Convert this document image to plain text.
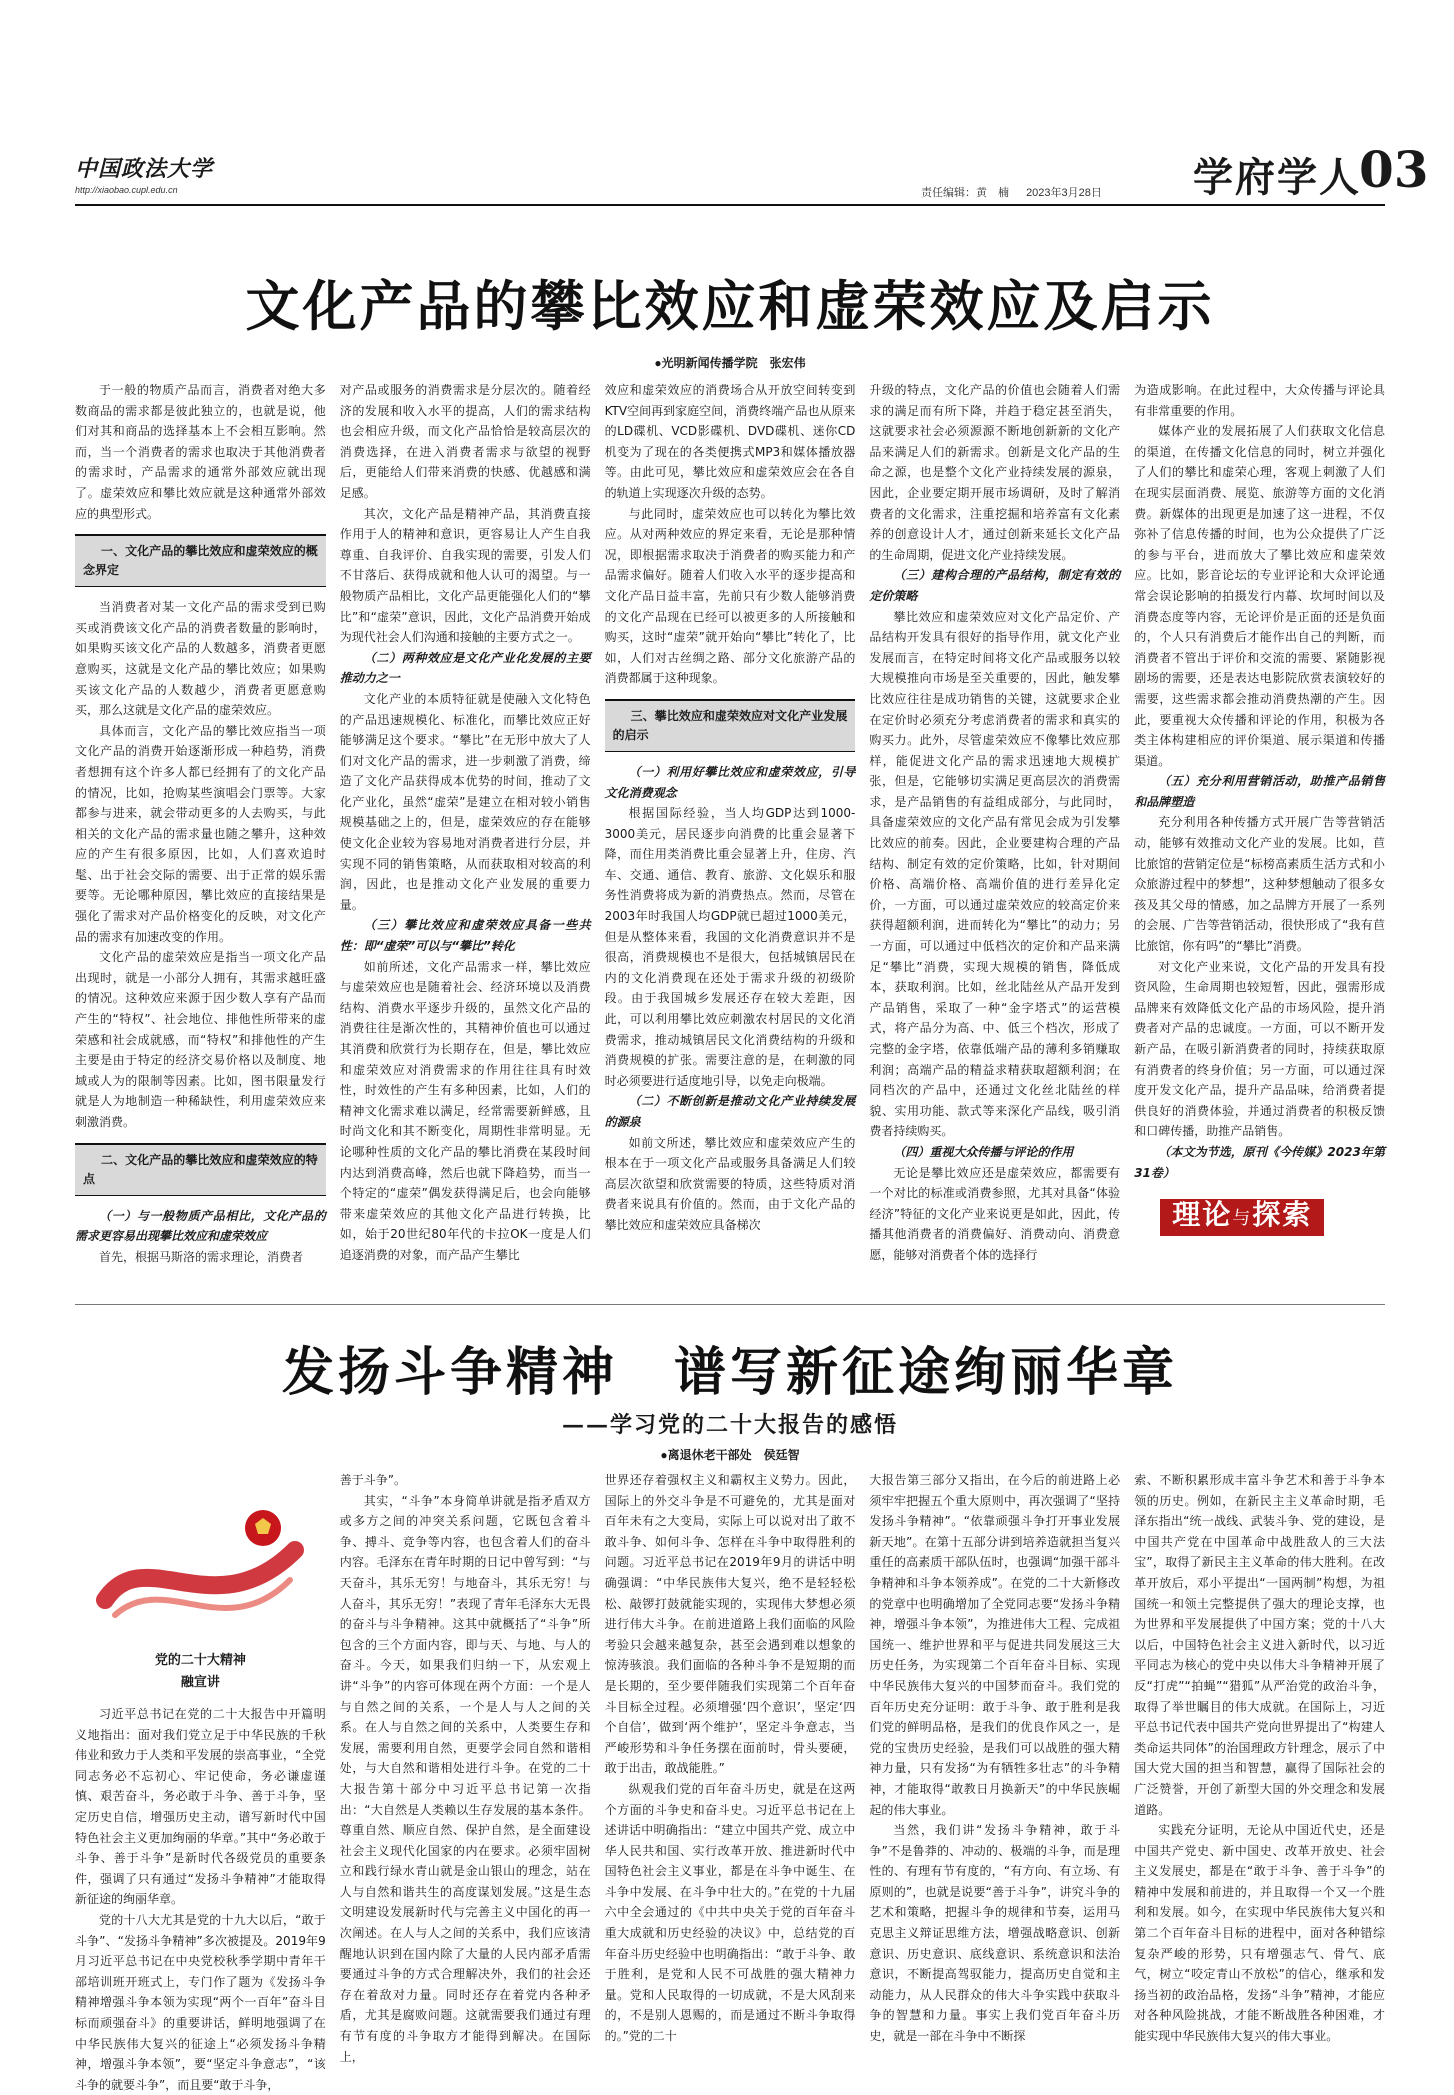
中国政法大学
http://xiaobao.cupl.edu.cn	责任编辑：黄　楠 2023年3月28日	学府学人
03
文化产品的攀比效应和虚荣效应及启示
●光明新闻传播学院　张宏伟

于一般的物质产品而言，消费者对绝大多数商品的需求都是彼此独立的，也就是说，他们对其和商品的选择基本上不会相互影响。然而，当一个消费者的需求也取决于其他消费者的需求时，产品需求的通常外部效应就出现了。虚荣效应和攀比效应就是这种通常外部效应的典型形式。

一、文化产品的攀比效应和虚荣效应的概念界定

当消费者对某一文化产品的需求受到已购买或消费该文化产品的消费者数量的影响时，如果购买该文化产品的人数越多，消费者更愿意购买，这就是文化产品的攀比效应；如果购买该文化产品的人数越少，消费者更愿意购买，那么这就是文化产品的虚荣效应。

具体而言，文化产品的攀比效应指当一项文化产品的消费开始逐渐形成一种趋势，消费者想拥有这个许多人都已经拥有了的文化产品的情况，比如，抢购某些演唱会门票等。大家都参与进来，就会带动更多的人去购买，与此相关的文化产品的需求量也随之攀升，这种效应的产生有很多原因，比如，人们喜欢追时髦、出于社会交际的需要、出于正常的娱乐需要等。无论哪种原因，攀比效应的直接结果是强化了需求对产品价格变化的反映，对文化产品的需求有加速改变的作用。

文化产品的虚荣效应是指当一项文化产品出现时，就是一小部分人拥有，其需求越旺盛的情况。这种效应来源于因少数人享有产品而产生的“特权”、社会地位、排他性所带来的虚荣感和社会成就感，而“特权”和排他性的产生主要是由于特定的经济交易价格以及制度、地域或人为的限制等因素。比如，图书限量发行就是人为地制造一种稀缺性，利用虚荣效应来刺激消费。

二、文化产品的攀比效应和虚荣效应的特点

（一）与一般物质产品相比，文化产品的需求更容易出现攀比效应和虚荣效应

首先，根据马斯洛的需求理论，消费者

对产品或服务的消费需求是分层次的。随着经济的发展和收入水平的提高，人们的需求结构也会相应升级，而文化产品恰恰是较高层次的消费选择，在进入消费者需求与欲望的视野后，更能给人们带来消费的快感、优越感和满足感。

其次，文化产品是精神产品，其消费直接作用于人的精神和意识，更容易让人产生自我尊重、自我评价、自我实现的需要，引发人们不甘落后、获得成就和他人认可的渴望。与一般物质产品相比，文化产品更能强化人们的“攀比”和“虚荣”意识，因此，文化产品消费开始成为现代社会人们沟通和接触的主要方式之一。

（二）两种效应是文化产业化发展的主要推动力之一

文化产业的本质特征就是使融入文化特色的产品迅速规模化、标准化，而攀比效应正好能够满足这个要求。“攀比”在无形中放大了人们对文化产品的需求，进一步刺激了消费，缔造了文化产品获得成本优势的时间，推动了文化产业化，虽然“虚荣”是建立在相对较小销售规模基础之上的，但是，虚荣效应的存在能够使文化企业较为容易地对消费者进行分层，并实现不同的销售策略，从而获取相对较高的利润，因此，也是推动文化产业发展的重要力量。

（三）攀比效应和虚荣效应具备一些共性：即“虚荣”可以与“攀比”转化

如前所述，文化产品需求一样，攀比效应与虚荣效应也是随着社会、经济环境以及消费结构、消费水平逐步升级的，虽然文化产品的消费往往是渐次性的，其精神价值也可以通过其消费和欣赏行为长期存在，但是，攀比效应和虚荣效应对消费需求的作用往往具有时效性，时效性的产生有多种因素，比如，人们的精神文化需求难以满足，经常需要新鲜感，且时尚文化和其不断变化，周期性非常明显。无论哪种性质的文化产品的攀比消费在某段时间内达到消费高峰，然后也就下降趋势，而当一个特定的“虚荣”偶发获得满足后，也会向能够带来虚荣效应的其他文化产品进行转换，比如，始于20世纪80年代的卡拉OK一度是人们追逐消费的对象，而产品产生攀比

效应和虚荣效应的消费场合从开放空间转变到KTV空间再到家庭空间，消费终端产品也从原来的LD碟机、VCD影碟机、DVD碟机、迷你CD机变为了现在的各类便携式MP3和媒体播放器等。由此可见，攀比效应和虚荣效应会在各自的轨道上实现逐次升级的态势。

与此同时，虚荣效应也可以转化为攀比效应。从对两种效应的界定来看，无论是那种情况，即根据需求取决于消费者的购买能力和产品需求偏好。随着人们收入水平的逐步提高和文化产品日益丰富，先前只有少数人能够消费的文化产品现在已经可以被更多的人所接触和购买，这时“虚荣”就开始向“攀比”转化了，比如，人们对古丝绸之路、部分文化旅游产品的消费都属于这种现象。

三、攀比效应和虚荣效应对文化产业发展的启示

（一）利用好攀比效应和虚荣效应，引导文化消费观念

根据国际经验，当人均GDP达到1000-3000美元，居民逐步向消费的比重会显著下降，而住用类消费比重会显著上升，住房、汽车、交通、通信、教育、旅游、文化娱乐和服务性消费将成为新的消费热点。然而，尽管在2003年时我国人均GDP就已超过1000美元，但是从整体来看，我国的文化消费意识并不是很高，消费规模也不是很大，包括城镇居民在内的文化消费现在还处于需求升级的初级阶段。由于我国城乡发展还存在较大差距，因此，可以利用攀比效应刺激农村居民的文化消费需求，推动城镇居民文化消费结构的升级和消费规模的扩张。需要注意的是，在刺激的同时必须要进行适度地引导，以免走向极端。

（二）不断创新是推动文化产业持续发展的源泉

如前文所述，攀比效应和虚荣效应产生的根本在于一项文化产品或服务具备满足人们较高层次欲望和欣赏需要的特质，这些特质对消费者来说具有价值的。然而，由于文化产品的攀比效应和虚荣效应具备梯次

升级的特点，文化产品的价值也会随着人们需求的满足而有所下降，并趋于稳定甚至消失，这就要求社会必须源源不断地创新新的文化产品来满足人们的新需求。创新是文化产品的生命之源，也是整个文化产业持续发展的源泉，因此，企业要定期开展市场调研，及时了解消费者的文化需求，注重挖掘和培养富有文化素养的创意设计人才，通过创新来延长文化产品的生命周期，促进文化产业持续发展。

（三）建构合理的产品结构，制定有效的定价策略

攀比效应和虚荣效应对文化产品定价、产品结构开发具有很好的指导作用，就文化产业发展而言，在特定时间将文化产品或服务以较大规模推向市场是至关重要的，因此，触发攀比效应往往是成功销售的关键，这就要求企业在定价时必须充分考虑消费者的需求和真实的购买力。此外，尽管虚荣效应不像攀比效应那样，能促进文化产品的需求迅速地大规模扩张，但是，它能够切实满足更高层次的消费需求，是产品销售的有益组成部分，与此同时，具备虚荣效应的文化产品有常见会成为引发攀比效应的前奏。因此，企业要建构合理的产品结构、制定有效的定价策略，比如，针对期间价格、高端价格、高端价值的进行差异化定价，一方面，可以通过虚荣效应的较高定价来获得超额利润，进而转化为“攀比”的动力；另一方面，可以通过中低档次的定价和产品来满足“攀比”消费，实现大规模的销售，降低成本，获取利润。比如，丝北陆丝从产品开发到产品销售，采取了一种“金字塔式”的运营模式，将产品分为高、中、低三个档次，形成了完整的金字塔，依靠低端产品的薄利多销赚取利润；高端产品的精益求精获取超额利润；在同档次的产品中，还通过文化丝北陆丝的样貌、实用功能、款式等来深化产品线，吸引消费者持续购买。

（四）重视大众传播与评论的作用

无论是攀比效应还是虚荣效应，都需要有一个对比的标准或消费参照，尤其对具备“体验经济”特征的文化产业来说更是如此，因此，传播其他消费者的消费偏好、消费动向、消费意愿，能够对消费者个体的选择行

为造成影响。在此过程中，大众传播与评论具有非常重要的作用。

媒体产业的发展拓展了人们获取文化信息的渠道，在传播文化信息的同时，树立并强化了人们的攀比和虚荣心理，客观上刺激了人们在现实层面消费、展览、旅游等方面的文化消费。新媒体的出现更是加速了这一进程，不仅弥补了信息传播的时间，也为公众提供了广泛的参与平台，进而放大了攀比效应和虚荣效应。比如，影音论坛的专业评论和大众评论通常会误论影响的拍摄发行内幕、坎坷时间以及消费态度等内容，无论评价是正面的还是负面的，个人只有消费后才能作出自己的判断，而消费者不管出于评价和交流的需要、紧随影视剧场的需要，还是表达电影院欣赏表演较好的需要，这些需求都会推动消费热潮的产生。因此，要重视大众传播和评论的作用，积极为各类主体构建相应的评价渠道、展示渠道和传播渠道。

（五）充分利用营销活动，助推产品销售和品牌塑造

充分利用各种传播方式开展广告等营销活动，能够有效推动文化产业的发展。比如，苣比旅馆的营销定位是“标榜高素质生活方式和小众旅游过程中的梦想”，这种梦想触动了很多女孩及其父母的情感，加之品牌方开展了一系列的会展、广告等营销活动，很快形成了“我有苣比旅馆，你有吗”的“攀比”消费。

对文化产业来说，文化产品的开发具有投资风险，生命周期也较短暂，因此，强需形成品牌来有效降低文化产品的市场风险，提升消费者对产品的忠诚度。一方面，可以不断开发新产品，在吸引新消费者的同时，持续获取原有消费者的终身价值；另一方面，可以通过深度开发文化产品，提升产品品味，给消费者提供良好的消费体验，并通过消费者的积极反馈和口碑传播，助推产品销售。

（本文为节选，原刊《今传媒》2023年第31卷）

理论与探索
发扬斗争精神　谱写新征途绚丽华章
——学习党的二十大报告的感悟
●离退休老干部处　侯廷智
党的二十大精神
融宣讲

习近平总书记在党的二十大报告中开篇明义地指出：面对我们党立足于中华民族的千秋伟业和致力于人类和平发展的崇高事业，“全党同志务必不忘初心、牢记使命，务必谦虚谨慎、艰苦奋斗，务必敢于斗争、善于斗争，坚定历史自信，增强历史主动，谱写新时代中国特色社会主义更加绚丽的华章。”其中“务必敢于斗争、善于斗争”是新时代各级党员的重要条件，强调了只有通过“发扬斗争精神”才能取得新征途的绚丽华章。

党的十八大尤其是党的十九大以后，“敢于斗争”、“发扬斗争精神”多次被提及。2019年9月习近平总书记在中央党校秋季学期中青年干部培训班开班式上，专门作了题为《发扬斗争精神增强斗争本领为实现“两个一百年”奋斗目标而顽强奋斗》的重要讲话，鲜明地强调了在中华民族伟大复兴的征途上“必须发扬斗争精神，增强斗争本领”，要“坚定斗争意志”，“该斗争的就要斗争”，而且要“敢于斗争，

善于斗争”。

其实，“斗争”本身简单讲就是指矛盾双方或多方之间的冲突关系问题，它既包含着斗争、搏斗、竞争等内容，也包含着人们的奋斗内容。毛泽东在青年时期的日记中曾写到：“与天奋斗，其乐无穷！与地奋斗，其乐无穷！与人奋斗，其乐无穷！”表现了青年毛泽东大无畏的奋斗与斗争精神。这其中就概括了“斗争”所包含的三个方面内容，即与天、与地、与人的奋斗。今天，如果我们归纳一下，从宏观上讲“斗争”的内容可体现在两个方面：一个是人与自然之间的关系，一个是人与人之间的关系。在人与自然之间的关系中，人类要生存和发展，需要利用自然，更要学会同自然和谐相处，与大自然和谐相处进行斗争。在党的二十大报告第十部分中习近平总书记第一次指出：“大自然是人类赖以生存发展的基本条件。尊重自然、顺应自然、保护自然，是全面建设社会主义现代化国家的内在要求。必须牢固树立和践行绿水青山就是金山银山的理念，站在人与自然和谐共生的高度谋划发展。”这是生态文明建设发展新时代与完善主义中国化的再一次阐述。在人与人之间的关系中，我们应该清醒地认识到在国内除了大量的人民内部矛盾需要通过斗争的方式合理解决外，我们的社会还存在着敌对力量。同时还存在着党内各种矛盾，尤其是腐败问题。这就需要我们通过有理有节有度的斗争取方才能得到解决。在国际上，

世界还存着强权主义和霸权主义势力。因此，国际上的外交斗争是不可避免的，尤其是面对百年未有之大变局，实际上可以说对出了敢不敢斗争、如何斗争、怎样在斗争中取得胜利的问题。习近平总书记在2019年9月的讲话中明确强调：“中华民族伟大复兴，绝不是轻轻松松、敲锣打鼓就能实现的，实现伟大梦想必须进行伟大斗争。在前进道路上我们面临的风险考验只会越来越复杂，甚至会遇到难以想象的惊涛骇浪。我们面临的各种斗争不是短期的而是长期的，至少要伴随我们实现第二个百年奋斗目标全过程。必须增强‘四个意识’，坚定‘四个自信’，做到‘两个维护’，坚定斗争意志，当严峻形势和斗争任务摆在面前时，骨头要硬，敢于出击，敢战能胜。”

纵观我们党的百年奋斗历史，就是在这两个方面的斗争史和奋斗史。习近平总书记在上述讲话中明确指出：“建立中国共产党、成立中华人民共和国、实行改革开放、推进新时代中国特色社会主义事业，都是在斗争中诞生、在斗争中发展、在斗争中壮大的。”在党的十九届六中全会通过的《中共中央关于党的百年奋斗重大成就和历史经验的决议》中，总结党的百年奋斗历史经验中也明确指出：“敢于斗争、敢于胜利，是党和人民不可战胜的强大精神力量。党和人民取得的一切成就，不是大风刮来的，不是别人恩赐的，而是通过不断斗争取得的。”党的二十

大报告第三部分又指出，在今后的前进路上必须牢牢把握五个重大原则中，再次强调了“坚持发扬斗争精神”。“依靠顽强斗争打开事业发展新天地”。在第十五部分讲到培养造就担当复兴重任的高素质干部队伍时，也强调“加强干部斗争精神和斗争本领养成”。在党的二十大新修改的党章中也明确增加了全党同志要“发扬斗争精神，增强斗争本领”，为推进伟大工程、完成祖国统一、维护世界和平与促进共同发展这三大历史任务，为实现第二个百年奋斗目标、实现中华民族伟大复兴的中国梦而奋斗。我们党的百年历史充分证明：敢于斗争、敢于胜利是我们党的鲜明品格，是我们的优良作风之一，是党的宝贵历史经验，是我们可以战胜的强大精神力量，只有发扬“为有牺牲多壮志”的斗争精神，才能取得“敢教日月换新天”的中华民族崛起的伟大事业。

当然，我们讲“发扬斗争精神，敢于斗争”不是鲁莽的、冲动的、极端的斗争，而是理性的、有理有节有度的，“有方向、有立场、有原则的”，也就是说要“善于斗争”，讲究斗争的艺术和策略，把握斗争的规律和节奏，运用马克思主义辩证思维方法，增强战略意识、创新意识、历史意识、底线意识、系统意识和法治意识，不断提高驾驭能力，提高历史自觉和主动能力，从人民群众的伟大斗争实践中获取斗争的智慧和力量。事实上我们党百年奋斗历史，就是一部在斗争中不断探

索、不断积累形成丰富斗争艺术和善于斗争本领的历史。例如，在新民主主义革命时期，毛泽东指出“统一战线、武装斗争、党的建设，是中国共产党在中国革命中战胜敌人的三大法宝”，取得了新民主主义革命的伟大胜利。在改革开放后，邓小平提出“一国两制”构想，为祖国统一和领土完整提供了强大的理论支撑，也为世界和平发展提供了中国方案；党的十八大以后，中国特色社会主义进入新时代，以习近平同志为核心的党中央以伟大斗争精神开展了反“打虎”“拍蝇”“猎狐”从严治党的政治斗争，取得了举世瞩目的伟大成就。在国际上，习近平总书记代表中国共产党向世界提出了“构建人类命运共同体”的治国理政方针理念，展示了中国大党大国的担当和智慧，赢得了国际社会的广泛赞誉，开创了新型大国的外交理念和发展道路。

实践充分证明，无论从中国近代史，还是中国共产党史、新中国史、改革开放史、社会主义发展史，都是在“敢于斗争、善于斗争”的精神中发展和前进的，并且取得一个又一个胜利和发展。如今，在实现中华民族伟大复兴和第二个百年奋斗目标的进程中，面对各种错综复杂严峻的形势，只有增强志气、骨气、底气，树立“咬定青山不放松”的信心，继承和发扬当初的政治品格，发扬“斗争”精神，才能应对各种风险挑战，才能不断战胜各种困难，才能实现中华民族伟大复兴的伟大事业。
